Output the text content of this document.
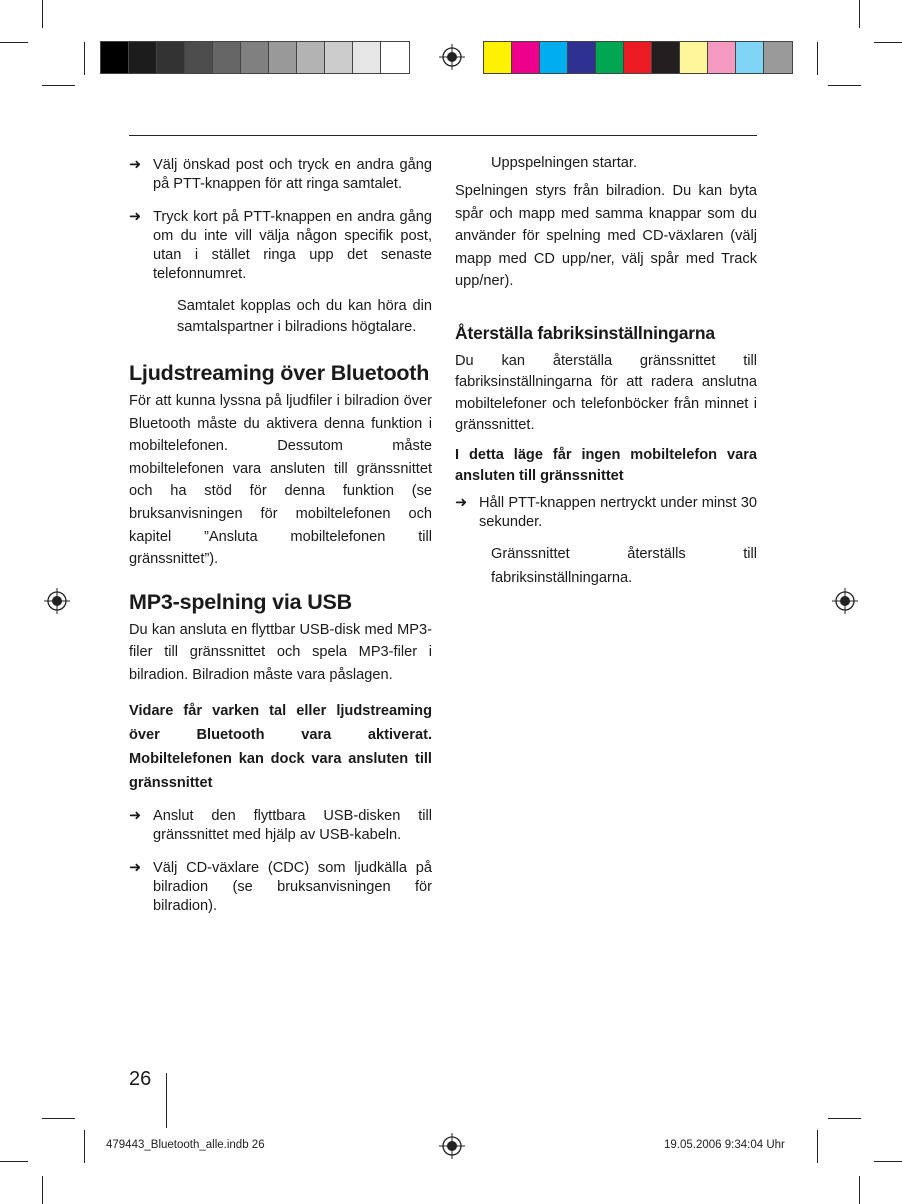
➜ Välj önskad post och tryck en andra gång på PTT-knappen för att ringa samtalet.
➜ Tryck kort på PTT-knappen en andra gång om du inte vill välja någon specifik post, utan i stället ringa upp det senaste telefonnumret.

Samtalet kopplas och du kan höra din samtalspartner i bilradions högtalare.

Ljudstreaming över Bluetooth

För att kunna lyssna på ljudfiler i bilradion över Bluetooth måste du aktivera denna funktion i mobiltelefonen. Dessutom måste mobiltelefonen vara ansluten till gränssnittet och ha stöd för denna funktion (se bruksanvisningen för mobiltelefonen och kapitel ”Ansluta mobiltelefonen till gränssnittet”).

MP3-spelning via USB

Du kan ansluta en flyttbar USB-disk med MP3-filer till gränssnittet och spela MP3-filer i bilradion. Bilradion måste vara påslagen.

Vidare får varken tal eller ljudstreaming över Bluetooth vara aktiverat. Mobiltelefonen kan dock vara ansluten till gränssnittet

➜ Anslut den flyttbara USB-disken till gränssnittet med hjälp av USB-kabeln.
➜ Välj CD-växlare (CDC) som ljudkälla på bilradion (se bruksanvisningen för bilradion).

Uppspelningen startar.

Spelningen styrs från bilradion. Du kan byta spår och mapp med samma knappar som du använder för spelning med CD-växlaren (välj mapp med CD upp/ner, välj spår med Track upp/ner).

Återställa fabriksinställningarna

Du kan återställa gränssnittet till fabriksinställningarna för att radera anslutna mobiltelefoner och telefonböcker från minnet i gränssnittet.

I detta läge får ingen mobiltelefon vara ansluten till gränssnittet

➜ Håll PTT-knappen nertryckt under minst 30 sekunder.

Gränssnittet återställs till fabriksinställningarna.

26
479443_Bluetooth_alle.indb 26	19.05.2006 9:34:04 Uhr
